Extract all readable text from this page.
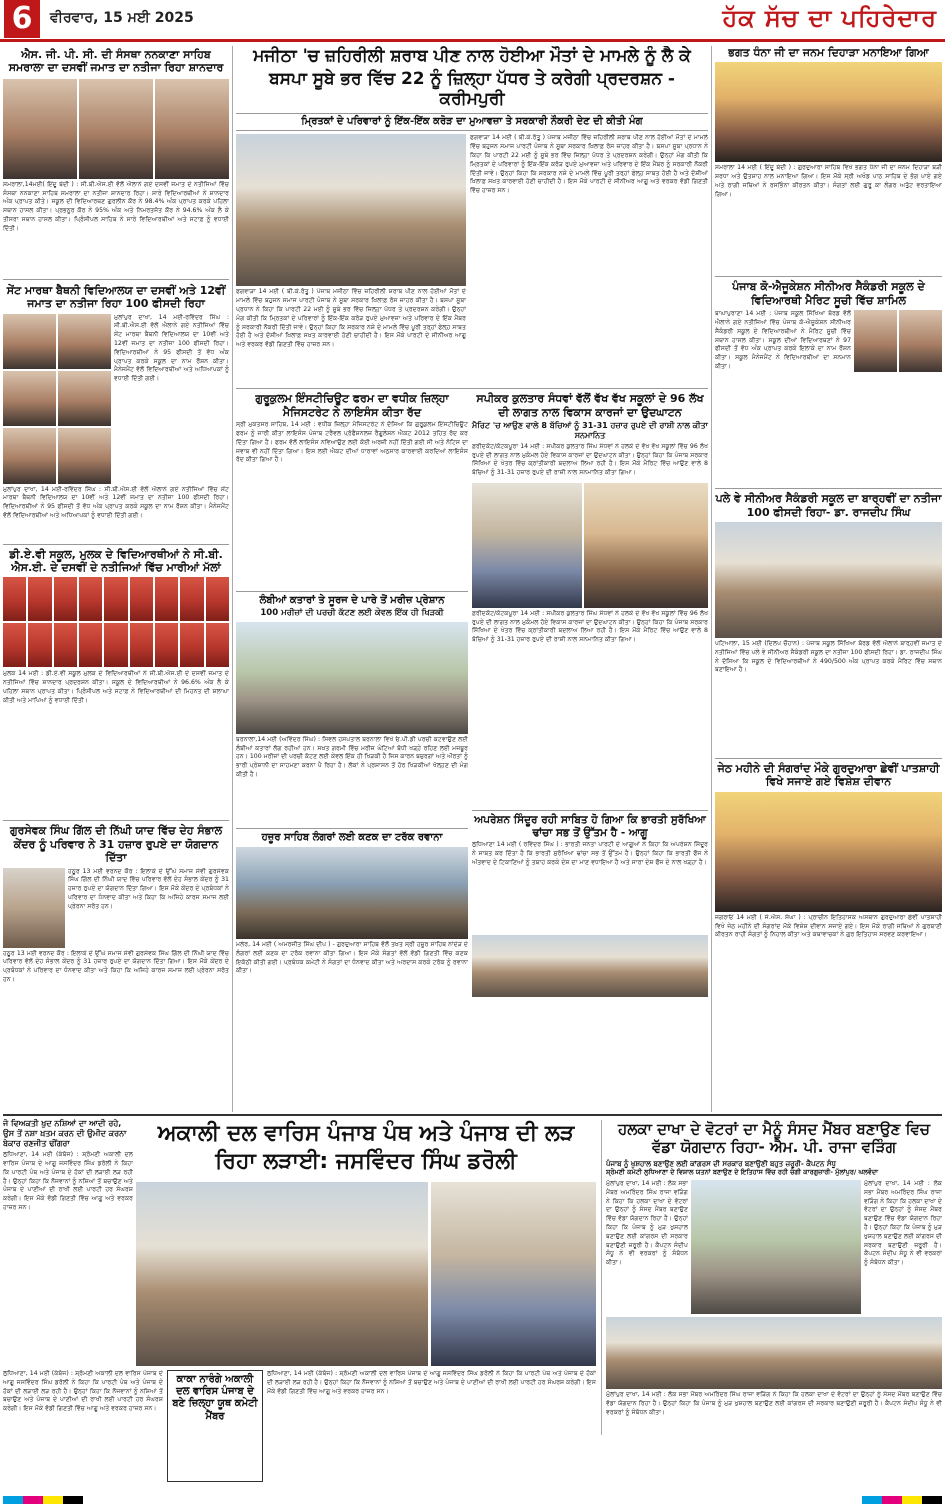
6	ਵੀਰਵਾਰ, 15 ਮਈ 2025	ਹੱਕ ਸੱਚ ਦਾ ਪਹਿਰੇਦਾਰ
ਐਸ. ਜੀ. ਪੀ. ਸੀ. ਦੀ ਸੰਸਥਾ ਨਨਕਾਣਾ ਸਾਹਿਬ ਸਮਰਾਲਾ ਦਾ ਦਸਵੀਂ ਜਮਾਤ ਦਾ ਨਤੀਜਾ ਰਿਹਾ ਸ਼ਾਨਦਾਰ
ਸਮਰਾਲਾ,14ਮਈ( ਇੰਦੂ ਬੇਦੀ ) : ਸੀ.ਬੀ.ਐਸ.ਈ ਵੱਲੋਂ ਐਲਾਨੇ ਗਏ ਦਸਵੀਂ ਜਮਾਤ ਦੇ ਨਤੀਜਿਆਂ ਵਿੱਚ ਸੰਸਥਾ ਨਨਕਾਣਾ ਸਾਹਿਬ ਸਮਰਾਲਾ ਦਾ ਨਤੀਜਾ ਸ਼ਾਨਦਾਰ ਰਿਹਾ। ਸਾਰੇ ਵਿਦਿਆਰਥੀਆਂ ਨੇ ਸ਼ਾਨਦਾਰ ਅੰਕ ਪ੍ਰਾਪਤ ਕੀਤੇ। ਸਕੂਲ ਦੀ ਵਿਦਿਆਰਥਣ ਗੁਰਲੀਨ ਕੌਰ ਨੇ 98.4% ਅੰਕ ਪ੍ਰਾਪਤ ਕਰਕੇ ਪਹਿਲਾ ਸਥਾਨ ਹਾਸਲ ਕੀਤਾ। ਪ੍ਰਭਨੂਰ ਕੌਰ ਨੇ 95% ਅੰਕ ਅਤੇ ਨਿਮਰਤਜੋਤ ਕੌਰ ਨੇ 94.6% ਅੰਕ ਲੈ ਕੇ ਤੀਸਰਾ ਸਥਾਨ ਹਾਸਲ ਕੀਤਾ। ਪ੍ਰਿੰਸੀਪਲ ਸਾਹਿਬ ਨੇ ਸਾਰੇ ਵਿਦਿਆਰਥੀਆਂ ਅਤੇ ਸਟਾਫ਼ ਨੂੰ ਵਧਾਈ ਦਿੱਤੀ।
ਸੇਂਟ ਮਾਰਥਾ ਬੈਥਨੀ ਵਿਦਿਆਲਯ ਦਾ ਦਸਵੀਂ ਅਤੇ 12ਵੀਂ ਜਮਾਤ ਦਾ ਨਤੀਜਾ ਰਿਹਾ 100 ਫੀਸਦੀ ਰਿਹਾ
ਮੁਲਾਂਪੁਰ ਦਾਖਾ, 14 ਮਈ-ਰਵਿੰਦਰ ਸਿੰਘ : ਸੀ.ਬੀ.ਐਸ.ਈ ਵੱਲੋਂ ਐਲਾਨੇ ਗਏ ਨਤੀਜਿਆਂ ਵਿੱਚ ਸੇਂਟ ਮਾਰਥਾ ਬੈਥਨੀ ਵਿਦਿਆਲਯ ਦਾ 10ਵੀਂ ਅਤੇ 12ਵੀਂ ਜਮਾਤ ਦਾ ਨਤੀਜਾ 100 ਫੀਸਦੀ ਰਿਹਾ। ਵਿਦਿਆਰਥੀਆਂ ਨੇ 95 ਫੀਸਦੀ ਤੋਂ ਵੱਧ ਅੰਕ ਪ੍ਰਾਪਤ ਕਰਕੇ ਸਕੂਲ ਦਾ ਨਾਮ ਰੌਸ਼ਨ ਕੀਤਾ। ਮੈਨੇਜਮੈਂਟ ਵੱਲੋਂ ਵਿਦਿਆਰਥੀਆਂ ਅਤੇ ਅਧਿਆਪਕਾਂ ਨੂੰ ਵਧਾਈ ਦਿੱਤੀ ਗਈ।
ਮੁਲਾਂਪੁਰ ਦਾਖਾ, 14 ਮਈ-ਰਵਿੰਦਰ ਸਿੰਘ : ਸੀ.ਬੀ.ਐਸ.ਈ ਵੱਲੋਂ ਐਲਾਨੇ ਗਏ ਨਤੀਜਿਆਂ ਵਿੱਚ ਸੇਂਟ ਮਾਰਥਾ ਬੈਥਨੀ ਵਿਦਿਆਲਯ ਦਾ 10ਵੀਂ ਅਤੇ 12ਵੀਂ ਜਮਾਤ ਦਾ ਨਤੀਜਾ 100 ਫੀਸਦੀ ਰਿਹਾ। ਵਿਦਿਆਰਥੀਆਂ ਨੇ 95 ਫੀਸਦੀ ਤੋਂ ਵੱਧ ਅੰਕ ਪ੍ਰਾਪਤ ਕਰਕੇ ਸਕੂਲ ਦਾ ਨਾਮ ਰੌਸ਼ਨ ਕੀਤਾ। ਮੈਨੇਜਮੈਂਟ ਵੱਲੋਂ ਵਿਦਿਆਰਥੀਆਂ ਅਤੇ ਅਧਿਆਪਕਾਂ ਨੂੰ ਵਧਾਈ ਦਿੱਤੀ ਗਈ।
ਡੀ.ਏ.ਵੀ ਸਕੂਲ, ਮੁਲਕ ਦੇ ਵਿਦਿਆਰਥੀਆਂ ਨੇ ਸੀ.ਬੀ. ਐਸ.ਈ. ਦੇ ਦਸਵੀਂ ਦੇ ਨਤੀਜਿਆਂ ਵਿੱਚ ਮਾਰੀਆਂ ਮੱਲਾਂ
ਮੁਲਕ 14 ਮਈ : ਡੀ.ਏ.ਵੀ ਸਕੂਲ ਮੁਲਕ ਦੇ ਵਿਦਿਆਰਥੀਆਂ ਨੇ ਸੀ.ਬੀ.ਐਸ.ਈ ਦੇ ਦਸਵੀਂ ਜਮਾਤ ਦੇ ਨਤੀਜਿਆਂ ਵਿੱਚ ਸ਼ਾਨਦਾਰ ਪ੍ਰਦਰਸ਼ਨ ਕੀਤਾ। ਸਕੂਲ ਦੇ ਵਿਦਿਆਰਥੀਆਂ ਨੇ 96.6% ਅੰਕ ਲੈ ਕੇ ਪਹਿਲਾ ਸਥਾਨ ਪ੍ਰਾਪਤ ਕੀਤਾ। ਪ੍ਰਿੰਸੀਪਲ ਅਤੇ ਸਟਾਫ਼ ਨੇ ਵਿਦਿਆਰਥੀਆਂ ਦੀ ਮਿਹਨਤ ਦੀ ਸ਼ਲਾਘਾ ਕੀਤੀ ਅਤੇ ਮਾਪਿਆਂ ਨੂੰ ਵਧਾਈ ਦਿੱਤੀ।
ਗੁਰਸੇਵਕ ਸਿੰਘ ਗਿੱਲ ਦੀ ਨਿੱਘੀ ਯਾਦ ਵਿੱਚ ਦੇਹ ਸੰਭਾਲ ਕੇਂਦਰ ਨੂੰ ਪਰਿਵਾਰ ਨੇ 31 ਹਜ਼ਾਰ ਰੁਪਏ ਦਾ ਯੋਗਦਾਨ ਦਿੱਤਾ
ਹਠੂਰ 13 ਮਈ ਵਰਨਦ ਕੌਰ : ਇਲਾਕੇ ਦੇ ਉੱਘੇ ਸਮਾਜ ਸੇਵੀ ਗੁਰਸੇਵਕ ਸਿੰਘ ਗਿੱਲ ਦੀ ਨਿੱਘੀ ਯਾਦ ਵਿੱਚ ਪਰਿਵਾਰ ਵੱਲੋਂ ਦੇਹ ਸੰਭਾਲ ਕੇਂਦਰ ਨੂੰ 31 ਹਜ਼ਾਰ ਰੁਪਏ ਦਾ ਯੋਗਦਾਨ ਦਿੱਤਾ ਗਿਆ। ਇਸ ਮੌਕੇ ਕੇਂਦਰ ਦੇ ਪ੍ਰਬੰਧਕਾਂ ਨੇ ਪਰਿਵਾਰ ਦਾ ਧੰਨਵਾਦ ਕੀਤਾ ਅਤੇ ਕਿਹਾ ਕਿ ਅਜਿਹੇ ਕਾਰਜ ਸਮਾਜ ਲਈ ਪ੍ਰੇਰਨਾ ਸਰੋਤ ਹਨ।
ਹਠੂਰ 13 ਮਈ ਵਰਨਦ ਕੌਰ : ਇਲਾਕੇ ਦੇ ਉੱਘੇ ਸਮਾਜ ਸੇਵੀ ਗੁਰਸੇਵਕ ਸਿੰਘ ਗਿੱਲ ਦੀ ਨਿੱਘੀ ਯਾਦ ਵਿੱਚ ਪਰਿਵਾਰ ਵੱਲੋਂ ਦੇਹ ਸੰਭਾਲ ਕੇਂਦਰ ਨੂੰ 31 ਹਜ਼ਾਰ ਰੁਪਏ ਦਾ ਯੋਗਦਾਨ ਦਿੱਤਾ ਗਿਆ। ਇਸ ਮੌਕੇ ਕੇਂਦਰ ਦੇ ਪ੍ਰਬੰਧਕਾਂ ਨੇ ਪਰਿਵਾਰ ਦਾ ਧੰਨਵਾਦ ਕੀਤਾ ਅਤੇ ਕਿਹਾ ਕਿ ਅਜਿਹੇ ਕਾਰਜ ਸਮਾਜ ਲਈ ਪ੍ਰੇਰਨਾ ਸਰੋਤ ਹਨ।
ਮਜੀਠਾ 'ਚ ਜ਼ਹਿਰੀਲੀ ਸ਼ਰਾਬ ਪੀਣ ਨਾਲ ਹੋਈਆ ਮੌਤਾਂ ਦੇ ਮਾਮਲੇ ਨੂੰ ਲੈ ਕੇ
ਬਸਪਾ ਸੂਬੇ ਭਰ ਵਿੱਚ 22 ਨੂੰ ਜ਼ਿਲ੍ਹਾ ਪੱਧਰ ਤੇ ਕਰੇਗੀ ਪ੍ਰਦਰਸ਼ਨ - ਕਰੀਮਪੁਰੀ
ਮ੍ਰਿਤਕਾਂ ਦੇ ਪਰਿਵਾਰਾਂ ਨੂੰ ਇੱਕ-ਇੱਕ ਕਰੋੜ ਦਾ ਮੁਆਵਜ਼ਾ ਤੇ ਸਰਕਾਰੀ ਨੌਕਰੀ ਦੇਣ ਦੀ ਕੀਤੀ ਮੰਗ
ਫਗਵਾੜਾ 14 ਮਈ ( ਬੀ.ਕੇ.ਰੱਤੂ ) ਪੰਜਾਬ ਮਜੀਠਾ ਵਿੱਚ ਜ਼ਹਿਰੀਲੀ ਸ਼ਰਾਬ ਪੀਣ ਨਾਲ ਹੋਈਆਂ ਮੌਤਾਂ ਦੇ ਮਾਮਲੇ ਵਿੱਚ ਬਹੁਜਨ ਸਮਾਜ ਪਾਰਟੀ ਪੰਜਾਬ ਨੇ ਸੂਬਾ ਸਰਕਾਰ ਖ਼ਿਲਾਫ਼ ਰੋਸ ਜ਼ਾਹਰ ਕੀਤਾ ਹੈ। ਬਸਪਾ ਸੂਬਾ ਪ੍ਰਧਾਨ ਨੇ ਕਿਹਾ ਕਿ ਪਾਰਟੀ 22 ਮਈ ਨੂੰ ਸੂਬੇ ਭਰ ਵਿੱਚ ਜ਼ਿਲ੍ਹਾ ਪੱਧਰ ਤੇ ਪ੍ਰਦਰਸ਼ਨ ਕਰੇਗੀ। ਉਨ੍ਹਾਂ ਮੰਗ ਕੀਤੀ ਕਿ ਮ੍ਰਿਤਕਾਂ ਦੇ ਪਰਿਵਾਰਾਂ ਨੂੰ ਇੱਕ-ਇੱਕ ਕਰੋੜ ਰੁਪਏ ਮੁਆਵਜ਼ਾ ਅਤੇ ਪਰਿਵਾਰ ਦੇ ਇੱਕ ਮੈਂਬਰ ਨੂੰ ਸਰਕਾਰੀ ਨੌਕਰੀ ਦਿੱਤੀ ਜਾਵੇ। ਉਨ੍ਹਾਂ ਕਿਹਾ ਕਿ ਸਰਕਾਰ ਨਸ਼ੇ ਦੇ ਮਾਮਲੇ ਵਿੱਚ ਪੂਰੀ ਤਰ੍ਹਾਂ ਫੇਲ੍ਹ ਸਾਬਤ ਹੋਈ ਹੈ ਅਤੇ ਦੋਸ਼ੀਆਂ ਖ਼ਿਲਾਫ਼ ਸਖ਼ਤ ਕਾਰਵਾਈ ਹੋਣੀ ਚਾਹੀਦੀ ਹੈ। ਇਸ ਮੌਕੇ ਪਾਰਟੀ ਦੇ ਸੀਨੀਅਰ ਆਗੂ ਅਤੇ ਵਰਕਰ ਵੱਡੀ ਗਿਣਤੀ ਵਿੱਚ ਹਾਜ਼ਰ ਸਨ।
ਫਗਵਾੜਾ 14 ਮਈ ( ਬੀ.ਕੇ.ਰੱਤੂ ) ਪੰਜਾਬ ਮਜੀਠਾ ਵਿੱਚ ਜ਼ਹਿਰੀਲੀ ਸ਼ਰਾਬ ਪੀਣ ਨਾਲ ਹੋਈਆਂ ਮੌਤਾਂ ਦੇ ਮਾਮਲੇ ਵਿੱਚ ਬਹੁਜਨ ਸਮਾਜ ਪਾਰਟੀ ਪੰਜਾਬ ਨੇ ਸੂਬਾ ਸਰਕਾਰ ਖ਼ਿਲਾਫ਼ ਰੋਸ ਜ਼ਾਹਰ ਕੀਤਾ ਹੈ। ਬਸਪਾ ਸੂਬਾ ਪ੍ਰਧਾਨ ਨੇ ਕਿਹਾ ਕਿ ਪਾਰਟੀ 22 ਮਈ ਨੂੰ ਸੂਬੇ ਭਰ ਵਿੱਚ ਜ਼ਿਲ੍ਹਾ ਪੱਧਰ ਤੇ ਪ੍ਰਦਰਸ਼ਨ ਕਰੇਗੀ। ਉਨ੍ਹਾਂ ਮੰਗ ਕੀਤੀ ਕਿ ਮ੍ਰਿਤਕਾਂ ਦੇ ਪਰਿਵਾਰਾਂ ਨੂੰ ਇੱਕ-ਇੱਕ ਕਰੋੜ ਰੁਪਏ ਮੁਆਵਜ਼ਾ ਅਤੇ ਪਰਿਵਾਰ ਦੇ ਇੱਕ ਮੈਂਬਰ ਨੂੰ ਸਰਕਾਰੀ ਨੌਕਰੀ ਦਿੱਤੀ ਜਾਵੇ। ਉਨ੍ਹਾਂ ਕਿਹਾ ਕਿ ਸਰਕਾਰ ਨਸ਼ੇ ਦੇ ਮਾਮਲੇ ਵਿੱਚ ਪੂਰੀ ਤਰ੍ਹਾਂ ਫੇਲ੍ਹ ਸਾਬਤ ਹੋਈ ਹੈ ਅਤੇ ਦੋਸ਼ੀਆਂ ਖ਼ਿਲਾਫ਼ ਸਖ਼ਤ ਕਾਰਵਾਈ ਹੋਣੀ ਚਾਹੀਦੀ ਹੈ। ਇਸ ਮੌਕੇ ਪਾਰਟੀ ਦੇ ਸੀਨੀਅਰ ਆਗੂ ਅਤੇ ਵਰਕਰ ਵੱਡੀ ਗਿਣਤੀ ਵਿੱਚ ਹਾਜ਼ਰ ਸਨ।
ਗੁਰੂਕੁਲਮ ਇੰਸਟੀਚਿਊਟ ਫਰਮ ਦਾ ਵਧੀਕ ਜ਼ਿਲ੍ਹਾ ਮੈਜਿਸਟਰੇਟ ਨੇ ਲਾਇਸੰਸ ਕੀਤਾ ਰੱਦ
ਸ੍ਰੀ ਮੁਕਤਸਰ ਸਾਹਿਬ, 14 ਮਈ : ਵਧੀਕ ਜ਼ਿਲ੍ਹਾ ਮੈਜਿਸਟਰੇਟ ਨੇ ਦੱਸਿਆ ਕਿ ਗੁਰੂਕੁਲਮ ਇੰਸਟੀਚਿਊਟ ਫਰਮ ਨੂੰ ਜਾਰੀ ਕੀਤਾ ਲਾਇਸੰਸ ਪੰਜਾਬ ਟਰੈਵਲ ਪ੍ਰੋਫੈਸ਼ਨਲਜ਼ ਰੈਗੂਲੇਸ਼ਨ ਐਕਟ 2012 ਤਹਿਤ ਰੱਦ ਕਰ ਦਿੱਤਾ ਗਿਆ ਹੈ। ਫਰਮ ਵੱਲੋਂ ਲਾਇਸੰਸ ਨਵਿਆਉਣ ਲਈ ਕੋਈ ਅਰਜ਼ੀ ਨਹੀਂ ਦਿੱਤੀ ਗਈ ਸੀ ਅਤੇ ਨੋਟਿਸ ਦਾ ਜਵਾਬ ਵੀ ਨਹੀਂ ਦਿੱਤਾ ਗਿਆ। ਇਸ ਲਈ ਐਕਟ ਦੀਆਂ ਧਾਰਾਵਾਂ ਅਨੁਸਾਰ ਕਾਰਵਾਈ ਕਰਦਿਆਂ ਲਾਇਸੰਸ ਰੱਦ ਕੀਤਾ ਗਿਆ ਹੈ।
ਲੰਬੀਆਂ ਕਤਾਰਾਂ ਤੇ ਸੂਰਜ ਦੇ ਪਾਰੇ ਤੋਂ ਮਰੀਜ਼ ਪ੍ਰੇਸ਼ਾਨ
100 ਮਰੀਜ਼ਾਂ ਦੀ ਪਰਚੀ ਕੱਟਣ ਲਈ ਕੇਵਲ ਇੱਕ ਹੀ ਖਿੜਕੀ
ਬਰਨਾਲਾ,14 ਮਈ (ਅਵਿੰਦਰ ਸਿੰਘ) : ਸਿਵਲ ਹਸਪਤਾਲ ਬਰਨਾਲਾ ਵਿਖੇ ਓ.ਪੀ.ਡੀ ਪਰਚੀ ਕਟਵਾਉਣ ਲਈ ਲੰਬੀਆਂ ਕਤਾਰਾਂ ਲੱਗ ਰਹੀਆਂ ਹਨ। ਸਖ਼ਤ ਗਰਮੀ ਵਿੱਚ ਮਰੀਜ਼ ਘੰਟਿਆਂ ਬੱਧੀ ਖੜ੍ਹੇ ਰਹਿਣ ਲਈ ਮਜਬੂਰ ਹਨ। 100 ਮਰੀਜ਼ਾਂ ਦੀ ਪਰਚੀ ਕੱਟਣ ਲਈ ਕੇਵਲ ਇੱਕ ਹੀ ਖਿੜਕੀ ਹੈ ਜਿਸ ਕਾਰਨ ਬਜ਼ੁਰਗਾਂ ਅਤੇ ਔਰਤਾਂ ਨੂੰ ਭਾਰੀ ਪ੍ਰੇਸ਼ਾਨੀ ਦਾ ਸਾਹਮਣਾ ਕਰਨਾ ਪੈ ਰਿਹਾ ਹੈ। ਲੋਕਾਂ ਨੇ ਪ੍ਰਸ਼ਾਸਨ ਤੋਂ ਹੋਰ ਖਿੜਕੀਆਂ ਖੋਲ੍ਹਣ ਦੀ ਮੰਗ ਕੀਤੀ ਹੈ।
ਹਜ਼ੂਰ ਸਾਹਿਬ ਲੰਗਰਾਂ ਲਈ ਕਣਕ ਦਾ ਟਰੱਕ ਰਵਾਨਾ
ਮਲੇਰ, 14 ਮਈ ( ਅਮਰਜੀਤ ਸਿੰਘ ਦੀਪ ) - ਗੁਰਦੁਆਰਾ ਸਾਹਿਬ ਵੱਲੋਂ ਤਖ਼ਤ ਸ੍ਰੀ ਹਜ਼ੂਰ ਸਾਹਿਬ ਨਾਂਦੇੜ ਦੇ ਲੰਗਰਾਂ ਲਈ ਕਣਕ ਦਾ ਟਰੱਕ ਰਵਾਨਾ ਕੀਤਾ ਗਿਆ। ਇਸ ਮੌਕੇ ਸੰਗਤਾਂ ਵੱਲੋਂ ਵੱਡੀ ਗਿਣਤੀ ਵਿੱਚ ਕਣਕ ਇਕੱਠੀ ਕੀਤੀ ਗਈ। ਪ੍ਰਬੰਧਕ ਕਮੇਟੀ ਨੇ ਸੰਗਤਾਂ ਦਾ ਧੰਨਵਾਦ ਕੀਤਾ ਅਤੇ ਅਰਦਾਸ ਕਰਕੇ ਟਰੱਕ ਨੂੰ ਰਵਾਨਾ ਕੀਤਾ।
ਸਪੀਕਰ ਕੁਲਤਾਰ ਸੰਧਵਾਂ ਵੱਲੋਂ ਵੱਖ ਵੱਖ ਸਕੂਲਾਂ ਦੇ 96 ਲੱਖ ਦੀ ਲਾਗਤ ਨਾਲ ਵਿਕਾਸ ਕਾਰਜਾਂ ਦਾ ਉਦਘਾਟਨ
ਮੈਰਿਟ 'ਚ ਆਉਣ ਵਾਲੇ 8 ਬੱਚਿਆਂ ਨੂੰ 31-31 ਹਜ਼ਾਰ ਰੁਪਏ ਦੀ ਰਾਸ਼ੀ ਨਾਲ ਕੀਤਾ ਸਨਮਾਨਿਤ
ਫ਼ਰੀਦਕੋਟ/ਕੋਟਕਪੂਰਾ 14 ਮਈ : ਸਪੀਕਰ ਕੁਲਤਾਰ ਸਿੰਘ ਸੰਧਵਾਂ ਨੇ ਹਲਕੇ ਦੇ ਵੱਖ ਵੱਖ ਸਕੂਲਾਂ ਵਿੱਚ 96 ਲੱਖ ਰੁਪਏ ਦੀ ਲਾਗਤ ਨਾਲ ਮੁਕੰਮਲ ਹੋਏ ਵਿਕਾਸ ਕਾਰਜਾਂ ਦਾ ਉਦਘਾਟਨ ਕੀਤਾ। ਉਨ੍ਹਾਂ ਕਿਹਾ ਕਿ ਪੰਜਾਬ ਸਰਕਾਰ ਸਿੱਖਿਆ ਦੇ ਖੇਤਰ ਵਿੱਚ ਕ੍ਰਾਂਤੀਕਾਰੀ ਬਦਲਾਅ ਲਿਆ ਰਹੀ ਹੈ। ਇਸ ਮੌਕੇ ਮੈਰਿਟ ਵਿੱਚ ਆਉਣ ਵਾਲੇ 8 ਬੱਚਿਆਂ ਨੂੰ 31-31 ਹਜ਼ਾਰ ਰੁਪਏ ਦੀ ਰਾਸ਼ੀ ਨਾਲ ਸਨਮਾਨਿਤ ਕੀਤਾ ਗਿਆ।
ਫ਼ਰੀਦਕੋਟ/ਕੋਟਕਪੂਰਾ 14 ਮਈ : ਸਪੀਕਰ ਕੁਲਤਾਰ ਸਿੰਘ ਸੰਧਵਾਂ ਨੇ ਹਲਕੇ ਦੇ ਵੱਖ ਵੱਖ ਸਕੂਲਾਂ ਵਿੱਚ 96 ਲੱਖ ਰੁਪਏ ਦੀ ਲਾਗਤ ਨਾਲ ਮੁਕੰਮਲ ਹੋਏ ਵਿਕਾਸ ਕਾਰਜਾਂ ਦਾ ਉਦਘਾਟਨ ਕੀਤਾ। ਉਨ੍ਹਾਂ ਕਿਹਾ ਕਿ ਪੰਜਾਬ ਸਰਕਾਰ ਸਿੱਖਿਆ ਦੇ ਖੇਤਰ ਵਿੱਚ ਕ੍ਰਾਂਤੀਕਾਰੀ ਬਦਲਾਅ ਲਿਆ ਰਹੀ ਹੈ। ਇਸ ਮੌਕੇ ਮੈਰਿਟ ਵਿੱਚ ਆਉਣ ਵਾਲੇ 8 ਬੱਚਿਆਂ ਨੂੰ 31-31 ਹਜ਼ਾਰ ਰੁਪਏ ਦੀ ਰਾਸ਼ੀ ਨਾਲ ਸਨਮਾਨਿਤ ਕੀਤਾ ਗਿਆ।
ਅਪਰੇਸ਼ਨ ਸਿੰਦੂਰ ਰਹੀ ਸਾਬਿਤ ਹੋ ਗਿਆ ਕਿ ਭਾਰਤੀ ਸੁਰੱਖਿਆ ਢਾਂਚਾ ਸਭ ਤੋਂ ਉੱਤਮ ਹੈ - ਆਗੂ
ਲੁਧਿਆਣਾ 14 ਮਈ ( ਰਵਿੰਦਰ ਸਿੰਘ ) : ਭਾਰਤੀ ਜਨਤਾ ਪਾਰਟੀ ਦੇ ਆਗੂਆਂ ਨੇ ਕਿਹਾ ਕਿ ਅਪਰੇਸ਼ਨ ਸਿੰਦੂਰ ਨੇ ਸਾਬਤ ਕਰ ਦਿੱਤਾ ਹੈ ਕਿ ਭਾਰਤੀ ਸੁਰੱਖਿਆ ਢਾਂਚਾ ਸਭ ਤੋਂ ਉੱਤਮ ਹੈ। ਉਨ੍ਹਾਂ ਕਿਹਾ ਕਿ ਭਾਰਤੀ ਫੌਜ ਨੇ ਅੱਤਵਾਦ ਦੇ ਟਿਕਾਣਿਆਂ ਨੂੰ ਤਬਾਹ ਕਰਕੇ ਦੇਸ਼ ਦਾ ਮਾਣ ਵਧਾਇਆ ਹੈ ਅਤੇ ਸਾਰਾ ਦੇਸ਼ ਫੌਜ ਦੇ ਨਾਲ ਖੜ੍ਹਾ ਹੈ।
ਭਗਤ ਧੰਨਾ ਜੀ ਦਾ ਜਨਮ ਦਿਹਾੜਾ ਮਨਾਇਆ ਗਿਆ
ਸਮਰਾਲਾ 14 ਮਈ ( ਇੰਦੂ ਬੇਦੀ ) : ਗੁਰਦੁਆਰਾ ਸਾਹਿਬ ਵਿਖੇ ਭਗਤ ਧੰਨਾ ਜੀ ਦਾ ਜਨਮ ਦਿਹਾੜਾ ਬੜੀ ਸ਼ਰਧਾ ਅਤੇ ਉਤਸ਼ਾਹ ਨਾਲ ਮਨਾਇਆ ਗਿਆ। ਇਸ ਮੌਕੇ ਸ੍ਰੀ ਅਖੰਡ ਪਾਠ ਸਾਹਿਬ ਦੇ ਭੋਗ ਪਾਏ ਗਏ ਅਤੇ ਰਾਗੀ ਜਥਿਆਂ ਨੇ ਰਸਭਿੰਨਾ ਕੀਰਤਨ ਕੀਤਾ। ਸੰਗਤਾਂ ਲਈ ਗੁਰੂ ਕਾ ਲੰਗਰ ਅਤੁੱਟ ਵਰਤਾਇਆ ਗਿਆ।
ਪੰਜਾਬ ਕੋ-ਐਜੂਕੇਸ਼ਨ ਸੀਨੀਅਰ ਸੈਕੰਡਰੀ ਸਕੂਲ ਦੇ ਵਿਦਿਆਰਥੀ ਮੈਰਿਟ ਸੂਚੀ ਵਿੱਚ ਸ਼ਾਮਿਲ
ਬਾਘਾਪੁਰਾਣਾ 14 ਮਈ : ਪੰਜਾਬ ਸਕੂਲ ਸਿੱਖਿਆ ਬੋਰਡ ਵੱਲੋਂ ਐਲਾਨੇ ਗਏ ਨਤੀਜਿਆਂ ਵਿੱਚ ਪੰਜਾਬ ਕੋ-ਐਜੂਕੇਸ਼ਨ ਸੀਨੀਅਰ ਸੈਕੰਡਰੀ ਸਕੂਲ ਦੇ ਵਿਦਿਆਰਥੀਆਂ ਨੇ ਮੈਰਿਟ ਸੂਚੀ ਵਿੱਚ ਸਥਾਨ ਹਾਸਲ ਕੀਤਾ। ਸਕੂਲ ਦੀਆਂ ਵਿਦਿਆਰਥਣਾਂ ਨੇ 97 ਫੀਸਦੀ ਤੋਂ ਵੱਧ ਅੰਕ ਪ੍ਰਾਪਤ ਕਰਕੇ ਇਲਾਕੇ ਦਾ ਨਾਮ ਰੌਸ਼ਨ ਕੀਤਾ। ਸਕੂਲ ਮੈਨੇਜਮੈਂਟ ਨੇ ਵਿਦਿਆਰਥੀਆਂ ਦਾ ਸਨਮਾਨ ਕੀਤਾ।
ਪਲੇ ਵੇ ਸੀਨੀਅਰ ਸੈਕੰਡਰੀ ਸਕੂਲ ਦਾ ਬਾਰ੍ਹਵੀਂ ਦਾ ਨਤੀਜਾ 100 ਫੀਸਦੀ ਰਿਹਾ- ਡਾ. ਰਾਜਦੀਪ ਸਿੰਘ
ਪਟਿਆਲਾ, 15 ਮਈ (ਦਿਲਪ ਚੌਹਾਨ) : ਪੰਜਾਬ ਸਕੂਲ ਸਿੱਖਿਆ ਬੋਰਡ ਵੱਲੋਂ ਐਲਾਨੇ ਬਾਰ੍ਹਵੀਂ ਜਮਾਤ ਦੇ ਨਤੀਜਿਆਂ ਵਿੱਚ ਪਲੇ ਵੇ ਸੀਨੀਅਰ ਸੈਕੰਡਰੀ ਸਕੂਲ ਦਾ ਨਤੀਜਾ 100 ਫੀਸਦੀ ਰਿਹਾ। ਡਾ. ਰਾਜਦੀਪ ਸਿੰਘ ਨੇ ਦੱਸਿਆ ਕਿ ਸਕੂਲ ਦੇ ਵਿਦਿਆਰਥੀਆਂ ਨੇ 490/500 ਅੰਕ ਪ੍ਰਾਪਤ ਕਰਕੇ ਮੈਰਿਟ ਵਿੱਚ ਸਥਾਨ ਬਣਾਇਆ ਹੈ।
ਜੇਠ ਮਹੀਨੇ ਦੀ ਸੰਗਰਾਂਦ ਮੌਕੇ ਗੁਰਦੁਆਰਾ ਛੇਵੀਂ ਪਾਤਸ਼ਾਹੀ ਵਿਖੇ ਸਜਾਏ ਗਏ ਵਿਸ਼ੇਸ਼ ਦੀਵਾਨ
ਜਗਰਾਓਂ 14 ਮਈ ( ਜੇ.ਐਸ. ਸੰਘਾ ) : ਪ੍ਰਾਚੀਨ ਇਤਿਹਾਸਕ ਅਸਥਾਨ ਗੁਰਦੁਆਰਾ ਛੇਵੀਂ ਪਾਤਸ਼ਾਹੀ ਵਿਖੇ ਜੇਠ ਮਹੀਨੇ ਦੀ ਸੰਗਰਾਂਦ ਮੌਕੇ ਵਿਸ਼ੇਸ਼ ਦੀਵਾਨ ਸਜਾਏ ਗਏ। ਇਸ ਮੌਕੇ ਰਾਗੀ ਜਥਿਆਂ ਨੇ ਗੁਰਬਾਣੀ ਕੀਰਤਨ ਰਾਹੀਂ ਸੰਗਤਾਂ ਨੂੰ ਨਿਹਾਲ ਕੀਤਾ ਅਤੇ ਕਥਾਵਾਚਕਾਂ ਨੇ ਗੁਰ ਇਤਿਹਾਸ ਸਰਵਣ ਕਰਵਾਇਆ।
ਜੋ ਵਿਅਕਤੀ ਖੁਦ ਨਸ਼ਿਆਂ ਦਾ ਆਦੀ ਰਹੇ, ਉਸ ਤੋਂ ਨਸ਼ਾ ਖ਼ਤਮ ਕਰਨ ਦੀ ਉਮੀਦ ਕਰਨਾ ਬੇਕਾਰ ਰਣਜੀਤ ਢੀਂਗਰਾ
ਲੁਧਿਆਣਾ, 14 ਮਈ (ਕੰਬੋਜ) : ਸ਼੍ਰੋਮਣੀ ਅਕਾਲੀ ਦਲ ਵਾਰਿਸ ਪੰਜਾਬ ਦੇ ਆਗੂ ਜਸਵਿੰਦਰ ਸਿੰਘ ਡਰੋਲੀ ਨੇ ਕਿਹਾ ਕਿ ਪਾਰਟੀ ਪੰਥ ਅਤੇ ਪੰਜਾਬ ਦੇ ਹੱਕਾਂ ਦੀ ਲੜਾਈ ਲੜ ਰਹੀ ਹੈ। ਉਨ੍ਹਾਂ ਕਿਹਾ ਕਿ ਨੌਜਵਾਨਾਂ ਨੂੰ ਨਸ਼ਿਆਂ ਤੋਂ ਬਚਾਉਣ ਅਤੇ ਪੰਜਾਬ ਦੇ ਪਾਣੀਆਂ ਦੀ ਰਾਖੀ ਲਈ ਪਾਰਟੀ ਹਰ ਸੰਘਰਸ਼ ਕਰੇਗੀ। ਇਸ ਮੌਕੇ ਵੱਡੀ ਗਿਣਤੀ ਵਿੱਚ ਆਗੂ ਅਤੇ ਵਰਕਰ ਹਾਜ਼ਰ ਸਨ।
ਅਕਾਲੀ ਦਲ ਵਾਰਿਸ ਪੰਜਾਬ ਪੰਥ ਅਤੇ ਪੰਜਾਬ ਦੀ ਲੜ ਰਿਹਾ ਲੜਾਈ: ਜਸਵਿੰਦਰ ਸਿੰਘ ਡਰੋਲੀ
ਲੁਧਿਆਣਾ, 14 ਮਈ (ਕੰਬੋਜ) : ਸ਼੍ਰੋਮਣੀ ਅਕਾਲੀ ਦਲ ਵਾਰਿਸ ਪੰਜਾਬ ਦੇ ਆਗੂ ਜਸਵਿੰਦਰ ਸਿੰਘ ਡਰੋਲੀ ਨੇ ਕਿਹਾ ਕਿ ਪਾਰਟੀ ਪੰਥ ਅਤੇ ਪੰਜਾਬ ਦੇ ਹੱਕਾਂ ਦੀ ਲੜਾਈ ਲੜ ਰਹੀ ਹੈ। ਉਨ੍ਹਾਂ ਕਿਹਾ ਕਿ ਨੌਜਵਾਨਾਂ ਨੂੰ ਨਸ਼ਿਆਂ ਤੋਂ ਬਚਾਉਣ ਅਤੇ ਪੰਜਾਬ ਦੇ ਪਾਣੀਆਂ ਦੀ ਰਾਖੀ ਲਈ ਪਾਰਟੀ ਹਰ ਸੰਘਰਸ਼ ਕਰੇਗੀ। ਇਸ ਮੌਕੇ ਵੱਡੀ ਗਿਣਤੀ ਵਿੱਚ ਆਗੂ ਅਤੇ ਵਰਕਰ ਹਾਜ਼ਰ ਸਨ।
ਕਾਕਾ ਨਾਰੰਗੇ ਅਕਾਲੀ ਦਲ ਵਾਰਿਸ ਪੰਜਾਬ ਦੇ ਬਣੇ ਜ਼ਿਲ੍ਹਾ ਯੂਥ ਕਮੇਟੀ ਮੈਂਬਰ
ਲੁਧਿਆਣਾ, 14 ਮਈ (ਕੰਬੋਜ) : ਸ਼੍ਰੋਮਣੀ ਅਕਾਲੀ ਦਲ ਵਾਰਿਸ ਪੰਜਾਬ ਦੇ ਆਗੂ ਜਸਵਿੰਦਰ ਸਿੰਘ ਡਰੋਲੀ ਨੇ ਕਿਹਾ ਕਿ ਪਾਰਟੀ ਪੰਥ ਅਤੇ ਪੰਜਾਬ ਦੇ ਹੱਕਾਂ ਦੀ ਲੜਾਈ ਲੜ ਰਹੀ ਹੈ। ਉਨ੍ਹਾਂ ਕਿਹਾ ਕਿ ਨੌਜਵਾਨਾਂ ਨੂੰ ਨਸ਼ਿਆਂ ਤੋਂ ਬਚਾਉਣ ਅਤੇ ਪੰਜਾਬ ਦੇ ਪਾਣੀਆਂ ਦੀ ਰਾਖੀ ਲਈ ਪਾਰਟੀ ਹਰ ਸੰਘਰਸ਼ ਕਰੇਗੀ। ਇਸ ਮੌਕੇ ਵੱਡੀ ਗਿਣਤੀ ਵਿੱਚ ਆਗੂ ਅਤੇ ਵਰਕਰ ਹਾਜ਼ਰ ਸਨ।
ਹਲਕਾ ਦਾਖਾ ਦੇ ਵੋਟਰਾਂ ਦਾ ਮੈਨੂੰ ਸੰਸਦ ਮੈਂਬਰ ਬਣਾਉਣ ਵਿਚ ਵੱਡਾ ਯੋਗਦਾਨ ਰਿਹਾ- ਐਮ. ਪੀ. ਰਾਜਾ ਵੜਿੰਗ
ਪੰਜਾਬ ਨੂੰ ਖੁਸ਼ਹਾਲ ਬਣਾਉਣ ਲਈ ਕਾਂਗਰਸ ਦੀ ਸਰਕਾਰ ਬਣਾਉਣੀ ਬਹੁਤ ਜ਼ਰੂਰੀ- ਕੈਪਟਨ ਸੰਧੂ
ਸ਼੍ਰੋਮਣੀ ਕਮੇਟੀ ਲੁਧਿਆਣਾ ਦੇ ਵਿਸ਼ਾਲ ਯਤਨਾਂ ਬਣਾਉਣ ਦੇ ਇਤਿਹਾਸ ਵਿੱਚ ਰਹੀ ਚੰਗੀ ਕਾਰਗੁਜ਼ਾਰੀ- ਮੁੱਲਾਂਪੁਰ/ ਘਲਵੰਦਾ
ਮੁੱਲਾਂਪੁਰ ਦਾਖਾ, 14 ਮਈ : ਲੋਕ ਸਭਾ ਮੈਂਬਰ ਅਮਰਿੰਦਰ ਸਿੰਘ ਰਾਜਾ ਵੜਿੰਗ ਨੇ ਕਿਹਾ ਕਿ ਹਲਕਾ ਦਾਖਾ ਦੇ ਵੋਟਰਾਂ ਦਾ ਉਨ੍ਹਾਂ ਨੂੰ ਸੰਸਦ ਮੈਂਬਰ ਬਣਾਉਣ ਵਿੱਚ ਵੱਡਾ ਯੋਗਦਾਨ ਰਿਹਾ ਹੈ। ਉਨ੍ਹਾਂ ਕਿਹਾ ਕਿ ਪੰਜਾਬ ਨੂੰ ਮੁੜ ਖੁਸ਼ਹਾਲ ਬਣਾਉਣ ਲਈ ਕਾਂਗਰਸ ਦੀ ਸਰਕਾਰ ਬਣਾਉਣੀ ਜ਼ਰੂਰੀ ਹੈ। ਕੈਪਟਨ ਸੰਦੀਪ ਸੰਧੂ ਨੇ ਵੀ ਵਰਕਰਾਂ ਨੂੰ ਸੰਬੋਧਨ ਕੀਤਾ।
ਮੁੱਲਾਂਪੁਰ ਦਾਖਾ, 14 ਮਈ : ਲੋਕ ਸਭਾ ਮੈਂਬਰ ਅਮਰਿੰਦਰ ਸਿੰਘ ਰਾਜਾ ਵੜਿੰਗ ਨੇ ਕਿਹਾ ਕਿ ਹਲਕਾ ਦਾਖਾ ਦੇ ਵੋਟਰਾਂ ਦਾ ਉਨ੍ਹਾਂ ਨੂੰ ਸੰਸਦ ਮੈਂਬਰ ਬਣਾਉਣ ਵਿੱਚ ਵੱਡਾ ਯੋਗਦਾਨ ਰਿਹਾ ਹੈ। ਉਨ੍ਹਾਂ ਕਿਹਾ ਕਿ ਪੰਜਾਬ ਨੂੰ ਮੁੜ ਖੁਸ਼ਹਾਲ ਬਣਾਉਣ ਲਈ ਕਾਂਗਰਸ ਦੀ ਸਰਕਾਰ ਬਣਾਉਣੀ ਜ਼ਰੂਰੀ ਹੈ। ਕੈਪਟਨ ਸੰਦੀਪ ਸੰਧੂ ਨੇ ਵੀ ਵਰਕਰਾਂ ਨੂੰ ਸੰਬੋਧਨ ਕੀਤਾ।
ਮੁੱਲਾਂਪੁਰ ਦਾਖਾ, 14 ਮਈ : ਲੋਕ ਸਭਾ ਮੈਂਬਰ ਅਮਰਿੰਦਰ ਸਿੰਘ ਰਾਜਾ ਵੜਿੰਗ ਨੇ ਕਿਹਾ ਕਿ ਹਲਕਾ ਦਾਖਾ ਦੇ ਵੋਟਰਾਂ ਦਾ ਉਨ੍ਹਾਂ ਨੂੰ ਸੰਸਦ ਮੈਂਬਰ ਬਣਾਉਣ ਵਿੱਚ ਵੱਡਾ ਯੋਗਦਾਨ ਰਿਹਾ ਹੈ। ਉਨ੍ਹਾਂ ਕਿਹਾ ਕਿ ਪੰਜਾਬ ਨੂੰ ਮੁੜ ਖੁਸ਼ਹਾਲ ਬਣਾਉਣ ਲਈ ਕਾਂਗਰਸ ਦੀ ਸਰਕਾਰ ਬਣਾਉਣੀ ਜ਼ਰੂਰੀ ਹੈ। ਕੈਪਟਨ ਸੰਦੀਪ ਸੰਧੂ ਨੇ ਵੀ ਵਰਕਰਾਂ ਨੂੰ ਸੰਬੋਧਨ ਕੀਤਾ।
